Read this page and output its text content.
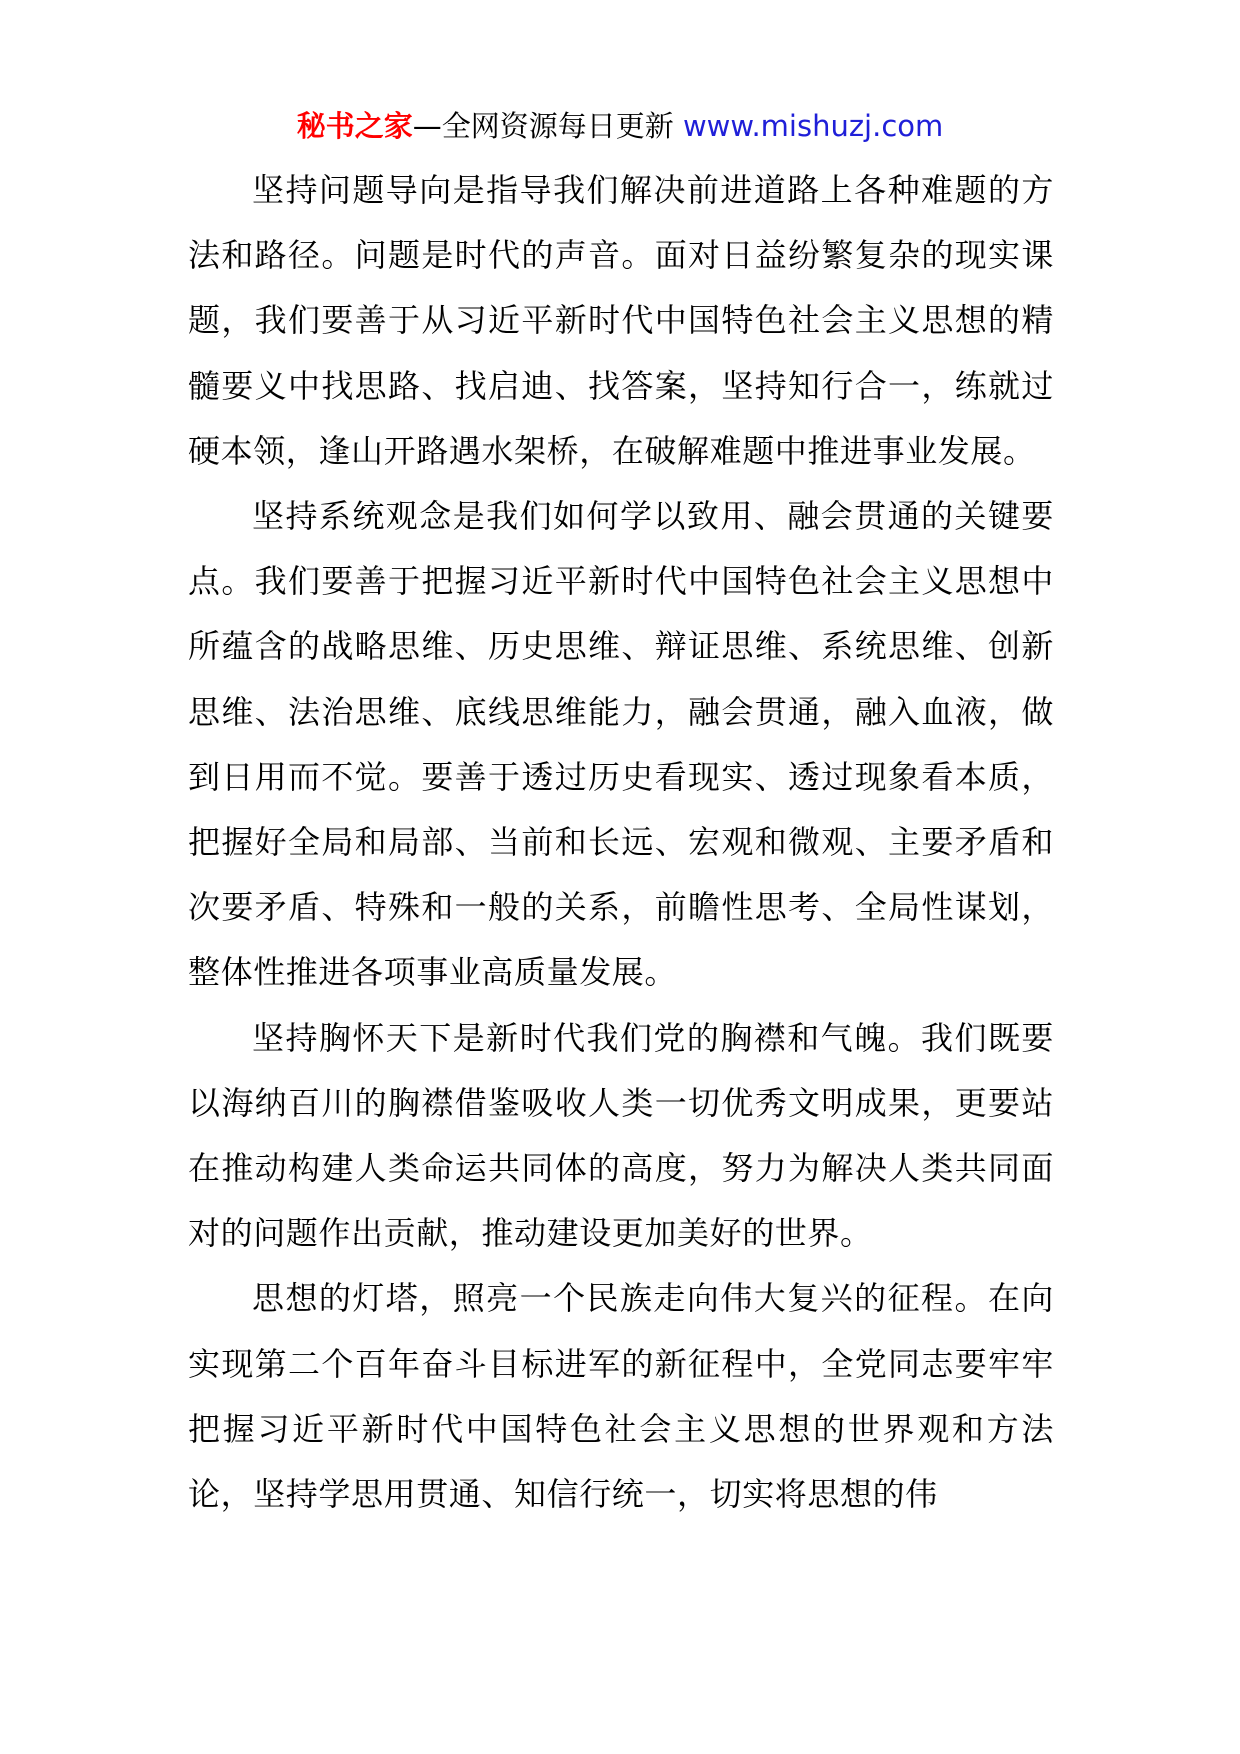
秘书之家—全网资源每日更新 www.mishuzj.com

坚持问题导向是指导我们解决前进道路上各种难题的方法和路径。问题是时代的声音。面对日益纷繁复杂的现实课题，我们要善于从习近平新时代中国特色社会主义思想的精髓要义中找思路、找启迪、找答案，坚持知行合一，练就过硬本领，逢山开路遇水架桥，在破解难题中推进事业发展。

坚持系统观念是我们如何学以致用、融会贯通的关键要点。我们要善于把握习近平新时代中国特色社会主义思想中所蕴含的战略思维、历史思维、辩证思维、系统思维、创新思维、法治思维、底线思维能力，融会贯通，融入血液，做到日用而不觉。要善于透过历史看现实、透过现象看本质，把握好全局和局部、当前和长远、宏观和微观、主要矛盾和次要矛盾、特殊和一般的关系，前瞻性思考、全局性谋划，整体性推进各项事业高质量发展。

坚持胸怀天下是新时代我们党的胸襟和气魄。我们既要以海纳百川的胸襟借鉴吸收人类一切优秀文明成果，更要站在推动构建人类命运共同体的高度，努力为解决人类共同面对的问题作出贡献，推动建设更加美好的世界。

思想的灯塔，照亮一个民族走向伟大复兴的征程。在向实现第二个百年奋斗目标进军的新征程中，全党同志要牢牢把握习近平新时代中国特色社会主义思想的世界观和方法论，坚持学思用贯通、知信行统一，切实将思想的伟
